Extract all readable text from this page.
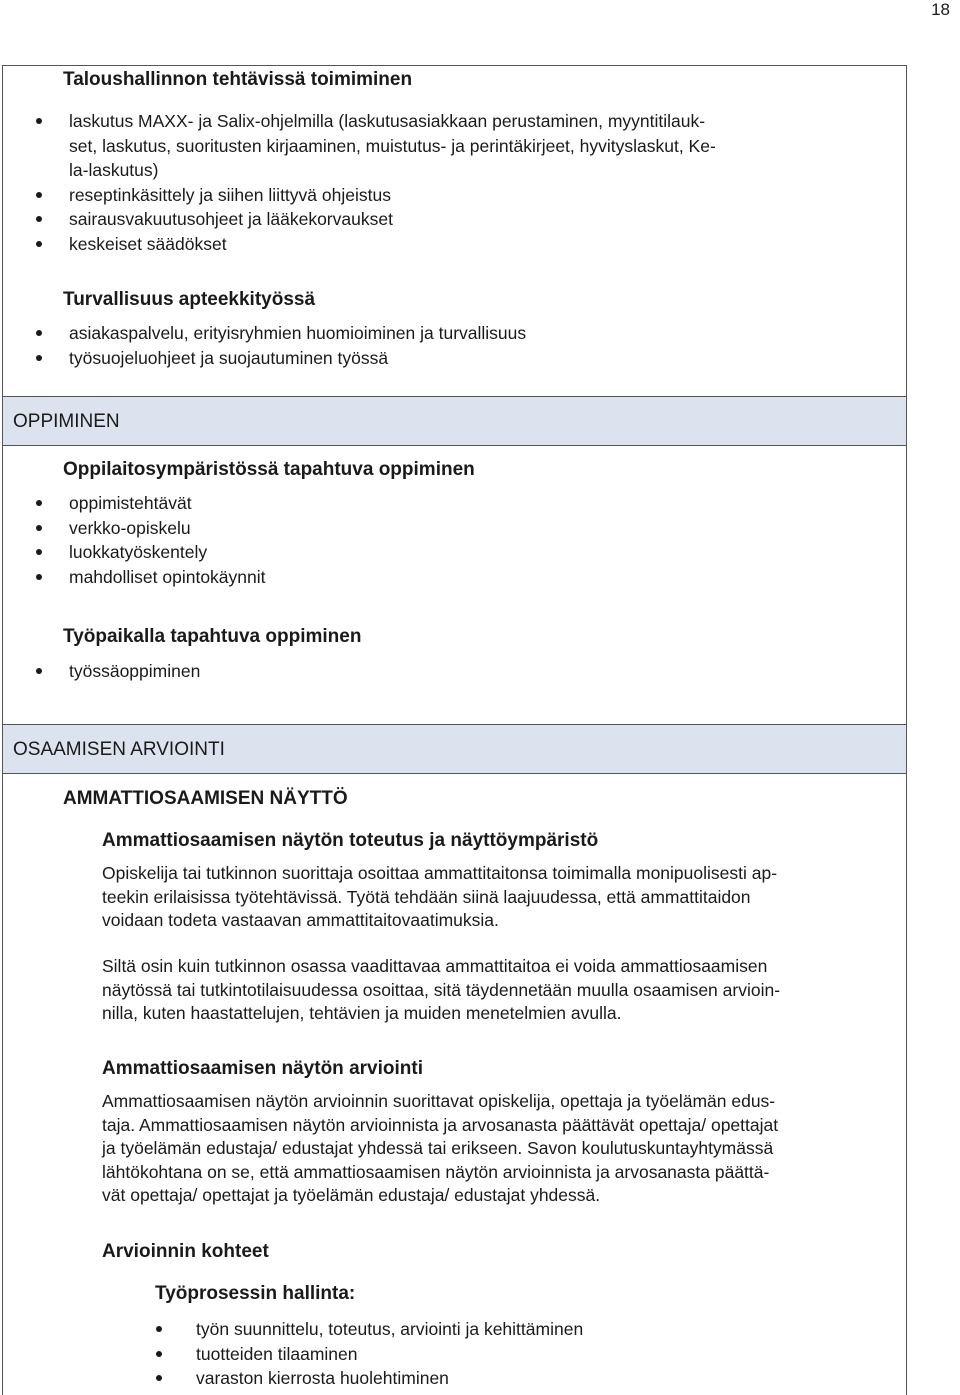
18
Taloushallinnon tehtävissä toimiminen
laskutus MAXX- ja Salix-ohjelmilla (laskutusasiakkaan perustaminen, myyntitilauk-
set, laskutus, suoritusten kirjaaminen, muistutus- ja perintäkirjeet, hyvityslaskut, Ke-
la-laskutus)
reseptinkäsittely ja siihen liittyvä ohjeistus
sairausvakuutusohjeet ja lääkekorvaukset
keskeiset säädökset
Turvallisuus apteekkityössä
asiakaspalvelu, erityisryhmien huomioiminen ja turvallisuus
työsuojeluohjeet ja suojautuminen työssä
OPPIMINEN
Oppilaitosympäristössä tapahtuva oppiminen
oppimistehtävät
verkko-opiskelu
luokkatyöskentely
mahdolliset opintokäynnit
Työpaikalla tapahtuva oppiminen
työssäoppiminen
OSAAMISEN ARVIOINTI
AMMATTIOSAAMISEN NÄYTTÖ
Ammattiosaamisen näytön toteutus ja näyttöympäristö
Opiskelija tai tutkinnon suorittaja osoittaa ammattitaitonsa toimimalla monipuolisesti ap-
teekin erilaisissa työtehtävissä. Työtä tehdään siinä laajuudessa, että ammattitaidon
voidaan todeta vastaavan ammattitaitovaatimuksia.
Siltä osin kuin tutkinnon osassa vaadittavaa ammattitaitoa ei voida ammattiosaamisen
näytössä tai tutkintotilaisuudessa osoittaa, sitä täydennetään muulla osaamisen arvioin-
nilla, kuten haastattelujen, tehtävien ja muiden menetelmien avulla.
Ammattiosaamisen näytön arviointi
Ammattiosaamisen näytön arvioinnin suorittavat opiskelija, opettaja ja työelämän edus-
taja. Ammattiosaamisen näytön arvioinnista ja arvosanasta päättävät opettaja/ opettajat
ja työelämän edustaja/ edustajat yhdessä tai erikseen. Savon koulutuskuntayhtymässä
lähtökohtana on se, että ammattiosaamisen näytön arvioinnista ja arvosanasta päättä-
vät opettaja/ opettajat ja työelämän edustaja/ edustajat yhdessä.
Arvioinnin kohteet
Työprosessin hallinta:
työn suunnittelu, toteutus, arviointi ja kehittäminen
tuotteiden tilaaminen
varaston kierrosta huolehtiminen
